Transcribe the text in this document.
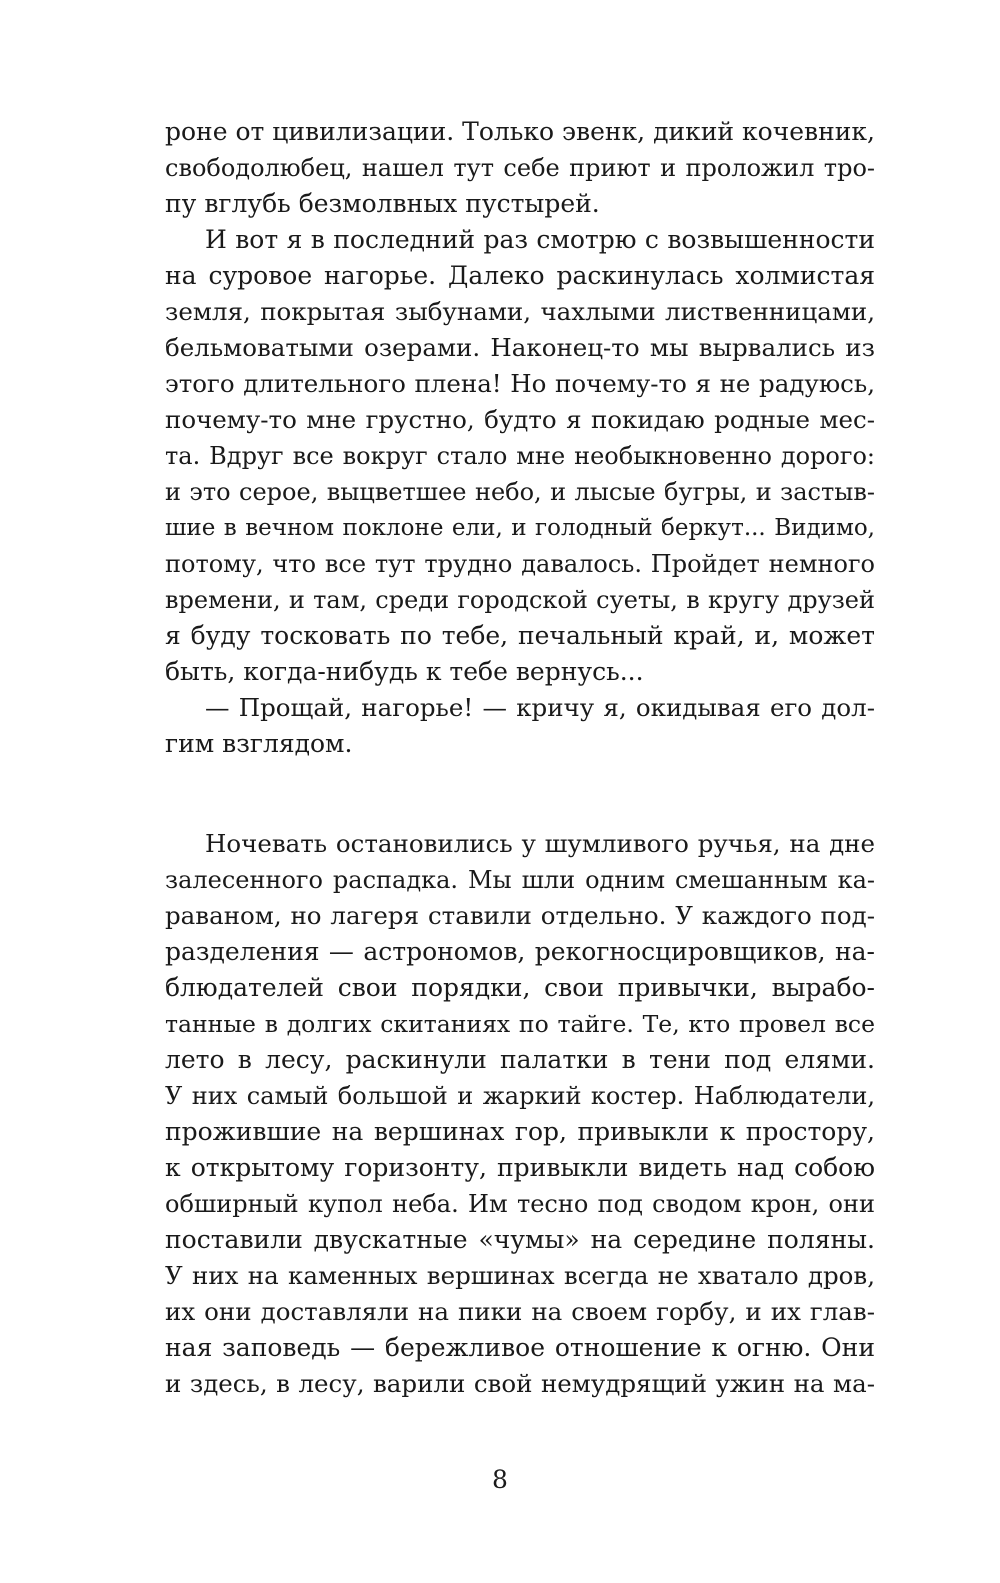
роне от цивилизации. Только эвенк, дикий кочевник,
свободолюбец, нашел тут себе приют и проложил тро-
пу вглубь безмолвных пустырей.
И вот я в последний раз смотрю с возвышенности
на суровое нагорье. Далеко раскинулась холмистая
земля, покрытая зыбунами, чахлыми лиственницами,
бельмоватыми озерами. Наконец-то мы вырвались из
этого длительного плена! Но почему-то я не радуюсь,
почему-то мне грустно, будто я покидаю родные мес-
та. Вдруг все вокруг стало мне необыкновенно дорого:
и это серое, выцветшее небо, и лысые бугры, и застыв-
шие в вечном поклоне ели, и голодный беркут... Видимо,
потому, что все тут трудно давалось. Пройдет немного
времени, и там, среди городской суеты, в кругу друзей
я буду тосковать по тебе, печальный край, и, может
быть, когда-нибудь к тебе вернусь...
— Прощай, нагорье! — кричу я, окидывая его дол-
гим взглядом.
Ночевать остановились у шумливого ручья, на дне
залесенного распадка. Мы шли одним смешанным ка-
раваном, но лагеря ставили отдельно. У каждого под-
разделения — астрономов, рекогносцировщиков, на-
блюдателей свои порядки, свои привычки, вырабо-
танные в долгих скитаниях по тайге. Те, кто провел все
лето в лесу, раскинули палатки в тени под елями.
У них самый большой и жаркий костер. Наблюдатели,
прожившие на вершинах гор, привыкли к простору,
к открытому горизонту, привыкли видеть над собою
обширный купол неба. Им тесно под сводом крон, они
поставили двускатные «чумы» на середине поляны.
У них на каменных вершинах всегда не хватало дров,
их они доставляли на пики на своем горбу, и их глав-
ная заповедь — бережливое отношение к огню. Они
и здесь, в лесу, варили свой немудрящий ужин на ма-
8
